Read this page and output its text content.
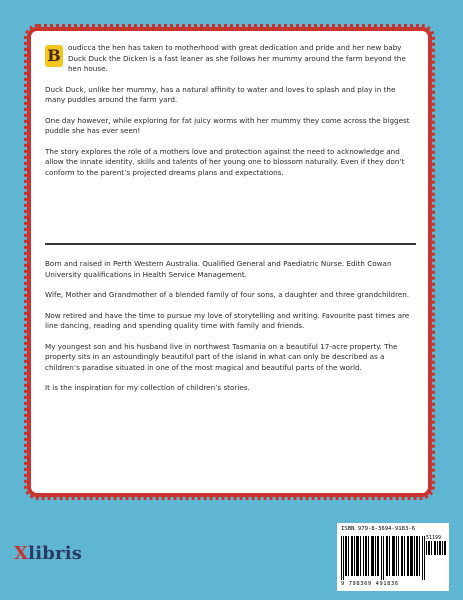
B	oudicca the hen has taken to motherhood with great dedication and pride and her new baby Duck Duck the Dicken is a fast leaner as she follows her mummy around the farm beyond the hen house.

Duck Duck, unlike her mummy, has a natural affinity to water and loves to splash and play in the many puddles around the farm yard.

One day however, while exploring for fat juicy worms with her mummy they come across the biggest puddle she has ever seen!

The story explores the role of a mothers love and protection against the need to acknowledge and allow the innate identity, skills and talents of her young one to blossom naturally. Even if they don’t conform to the parent’s projected dreams plans and expectations.

Born and raised in Perth Western Australia. Qualified General and Paediatric Nurse. Edith Cowan University qualifications in Health Service Management.

Wife, Mother and Grandmother of a blended family of four sons, a daughter and three grandchildren.

Now retired and have the time to pursue my love of storytelling and writing. Favourite past times are line dancing, reading and spending quality time with family and friends.

My youngest son and his husband live in northwest Tasmania on a beautiful 17-acre property. The property sits in an astoundingly beautiful part of the island in what can only be described as a children’s paradise situated in one of the most magical and beautiful parts of the world.

It is the inspiration for my collection of children’s stories.

Xlibris
ISBN 979-8-3694-9183-6
51199
9 798369 491836
